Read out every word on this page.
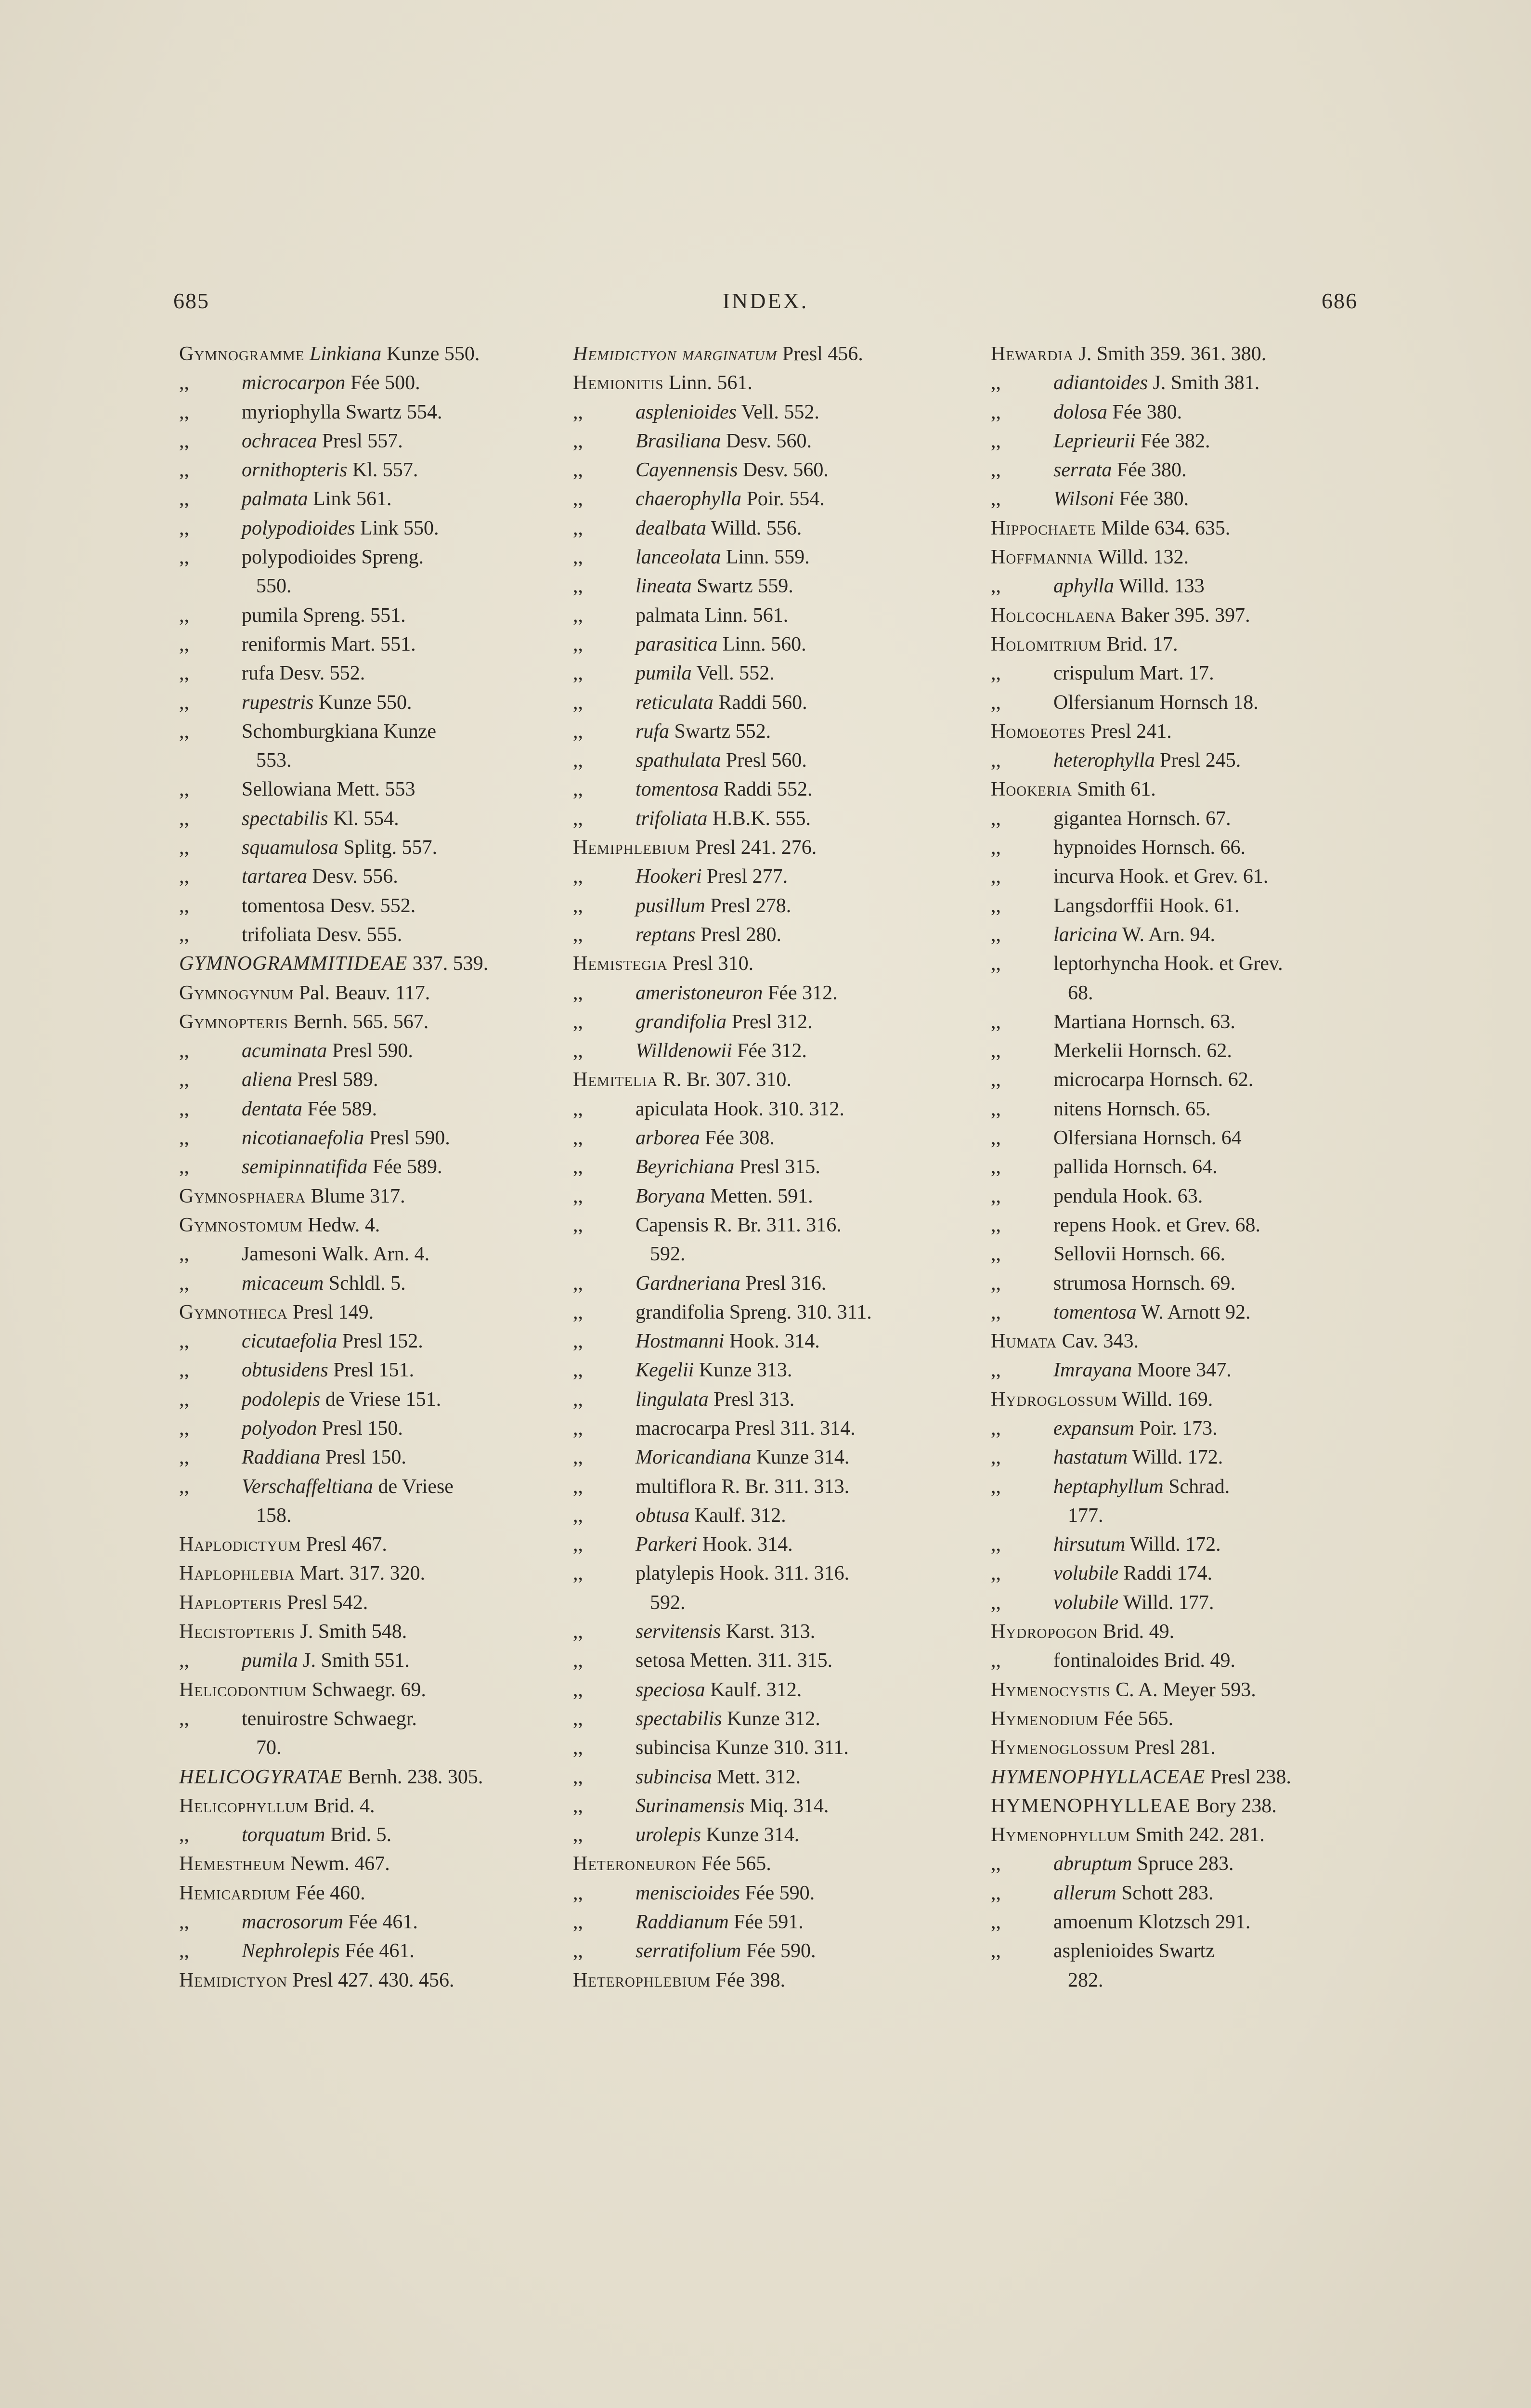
685	INDEX.	686
Gymnogramme Linkiana Kunze 550.
,,	microcarpon Fée 500.
,,	myriophylla Swartz 554.
,,	ochracea Presl 557.
,,	ornithopteris Kl. 557.
,,	palmata Link 561.
,,	polypodioides Link 550.
,,	polypodioides Spreng.
550.
,,	pumila Spreng. 551.
,,	reniformis Mart. 551.
,,	rufa Desv. 552.
,,	rupestris Kunze 550.
,,	Schomburgkiana Kunze
553.
,,	Sellowiana Mett. 553
,,	spectabilis Kl. 554.
,,	squamulosa Splitg. 557.
,,	tartarea Desv. 556.
,,	tomentosa Desv. 552.
,,	trifoliata Desv. 555.
GYMNOGRAMMITIDEAE 337. 539.
Gymnogynum Pal. Beauv. 117.
Gymnopteris Bernh. 565. 567.
,,	acuminata Presl 590.
,,	aliena Presl 589.
,,	dentata Fée 589.
,,	nicotianaefolia Presl 590.
,,	semipinnatifida Fée 589.
Gymnosphaera Blume 317.
Gymnostomum Hedw. 4.
,,	Jamesoni Walk. Arn. 4.
,,	micaceum Schldl. 5.
Gymnotheca Presl 149.
,,	cicutaefolia Presl 152.
,,	obtusidens Presl 151.
,,	podolepis de Vriese 151.
,,	polyodon Presl 150.
,,	Raddiana Presl 150.
,,	Verschaffeltiana de Vriese
158.
Haplodictyum Presl 467.
Haplophlebia Mart. 317. 320.
Haplopteris Presl 542.
Hecistopteris J. Smith 548.
,,	pumila J. Smith 551.
Helicodontium Schwaegr. 69.
,,	tenuirostre Schwaegr.
70.
HELICOGYRATAE Bernh. 238. 305.
Helicophyllum Brid. 4.
,,	torquatum Brid. 5.
Hemestheum Newm. 467.
Hemicardium Fée 460.
,,	macrosorum Fée 461.
,,	Nephrolepis Fée 461.
Hemidictyon Presl 427. 430. 456.
Hemidictyon marginatum Presl 456.
Hemionitis Linn. 561.
,,	asplenioides Vell. 552.
,,	Brasiliana Desv. 560.
,,	Cayennensis Desv. 560.
,,	chaerophylla Poir. 554.
,,	dealbata Willd. 556.
,,	lanceolata Linn. 559.
,,	lineata Swartz 559.
,,	palmata Linn. 561.
,,	parasitica Linn. 560.
,,	pumila Vell. 552.
,,	reticulata Raddi 560.
,,	rufa Swartz 552.
,,	spathulata Presl 560.
,,	tomentosa Raddi 552.
,,	trifoliata H.B.K. 555.
Hemiphlebium Presl 241. 276.
,,	Hookeri Presl 277.
,,	pusillum Presl 278.
,,	reptans Presl 280.
Hemistegia Presl 310.
,,	ameristoneuron Fée 312.
,,	grandifolia Presl 312.
,,	Willdenowii Fée 312.
Hemitelia R. Br. 307. 310.
,,	apiculata Hook. 310. 312.
,,	arborea Fée 308.
,,	Beyrichiana Presl 315.
,,	Boryana Metten. 591.
,,	Capensis R. Br. 311. 316.
592.
,,	Gardneriana Presl 316.
,,	grandifolia Spreng. 310. 311.
,,	Hostmanni Hook. 314.
,,	Kegelii Kunze 313.
,,	lingulata Presl 313.
,,	macrocarpa Presl 311. 314.
,,	Moricandiana Kunze 314.
,,	multiflora R. Br. 311. 313.
,,	obtusa Kaulf. 312.
,,	Parkeri Hook. 314.
,,	platylepis Hook. 311. 316.
592.
,,	servitensis Karst. 313.
,,	setosa Metten. 311. 315.
,,	speciosa Kaulf. 312.
,,	spectabilis Kunze 312.
,,	subincisa Kunze 310. 311.
,,	subincisa Mett. 312.
,,	Surinamensis Miq. 314.
,,	urolepis Kunze 314.
Heteroneuron Fée 565.
,,	meniscioides Fée 590.
,,	Raddianum Fée 591.
,,	serratifolium Fée 590.
Heterophlebium Fée 398.
Hewardia J. Smith 359. 361. 380.
,,	adiantoides J. Smith 381.
,,	dolosa Fée 380.
,,	Leprieurii Fée 382.
,,	serrata Fée 380.
,,	Wilsoni Fée 380.
Hippochaete Milde 634. 635.
Hoffmannia Willd. 132.
,,	aphylla Willd. 133
Holcochlaena Baker 395. 397.
Holomitrium Brid. 17.
,,	crispulum Mart. 17.
,,	Olfersianum Hornsch 18.
Homoeotes Presl 241.
,,	heterophylla Presl 245.
Hookeria Smith 61.
,,	gigantea Hornsch. 67.
,,	hypnoides Hornsch. 66.
,,	incurva Hook. et Grev. 61.
,,	Langsdorffii Hook. 61.
,,	laricina W. Arn. 94.
,,	leptorhyncha Hook. et Grev.
68.
,,	Martiana Hornsch. 63.
,,	Merkelii Hornsch. 62.
,,	microcarpa Hornsch. 62.
,,	nitens Hornsch. 65.
,,	Olfersiana Hornsch. 64
,,	pallida Hornsch. 64.
,,	pendula Hook. 63.
,,	repens Hook. et Grev. 68.
,,	Sellovii Hornsch. 66.
,,	strumosa Hornsch. 69.
,,	tomentosa W. Arnott 92.
Humata Cav. 343.
,,	Imrayana Moore 347.
Hydroglossum Willd. 169.
,,	expansum Poir. 173.
,,	hastatum Willd. 172.
,,	heptaphyllum Schrad.
177.
,,	hirsutum Willd. 172.
,,	volubile Raddi 174.
,,	volubile Willd. 177.
Hydropogon Brid. 49.
,,	fontinaloides Brid. 49.
Hymenocystis C. A. Meyer 593.
Hymenodium Fée 565.
Hymenoglossum Presl 281.
HYMENOPHYLLACEAE Presl 238.
HYMENOPHYLLEAE Bory 238.
Hymenophyllum Smith 242. 281.
,,	abruptum Spruce 283.
,,	allerum Schott 283.
,,	amoenum Klotzsch 291.
,,	asplenioides Swartz
282.
